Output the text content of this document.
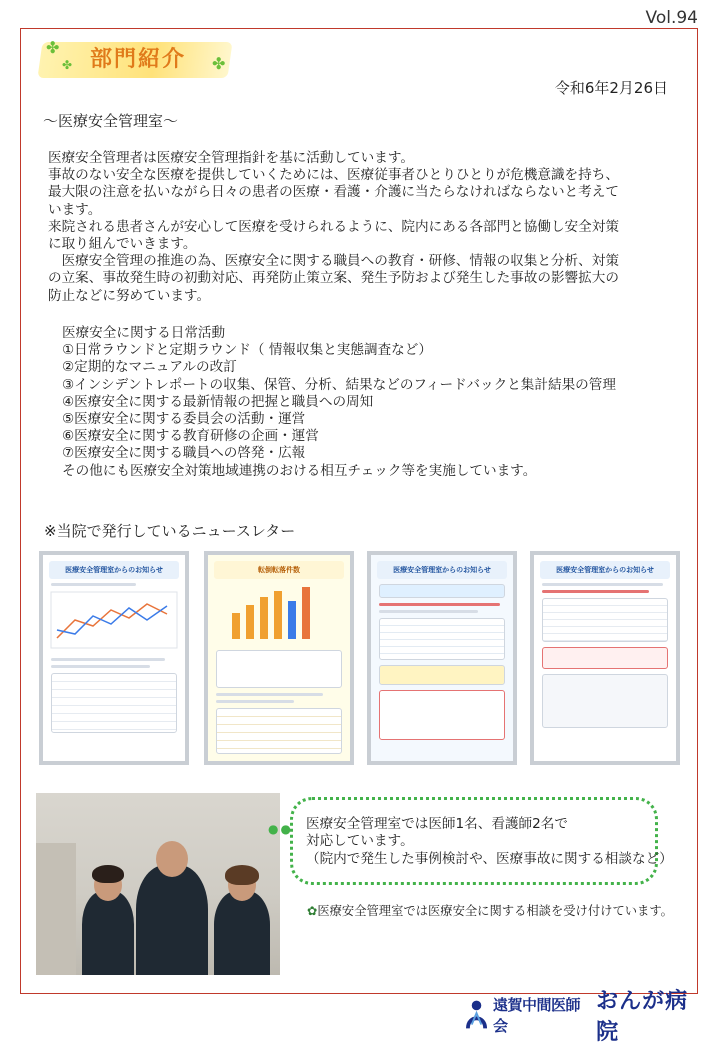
Vol.94
✤
✤	✤
部門紹介
令和6年2月26日
～医療安全管理室～

医療安全管理者は医療安全管理指針を基に活動しています。

事故のない安全な医療を提供していくためには、医療従事者ひとりひとりが危機意識を持ち、

最大限の注意を払いながら日々の患者の医療・看護・介護に当たらなければならないと考えて

います。

来院される患者さんが安心して医療を受けられるように、院内にある各部門と協働し安全対策

に取り組んでいきます。

医療安全管理の推進の為、医療安全に関する職員への教育・研修、情報の収集と分析、対策

の立案、事故発生時の初動対応、再発防止策立案、発生予防および発生した事故の影響拡大の

防止などに努めています。

医療安全に関する日常活動
①日常ラウンドと定期ラウンド（ 情報収集と実態調査など）
②定期的なマニュアルの改訂
③インシデントレポートの収集、保管、分析、結果などのフィードバックと集計結果の管理
④医療安全に関する最新情報の把握と職員への周知
⑤医療安全に関する委員会の活動・運営
⑥医療安全に関する教育研修の企画・運営
⑦医療安全に関する職員への啓発・広報
その他にも医療安全対策地域連携のおける相互チェック等を実施しています。
※当院で発行しているニュースレター
医療安全管理室からのお知らせ	転倒転落件数	医療安全管理室からのお知らせ	医療安全管理室からのお知らせ
●● 医療安全管理室では医師1名、看護師2名で
対応しています。
（院内で発生した事例検討や、医療事故に関する相談など）
✿医療安全管理室では医療安全に関する相談を受け付けています。
遠賀中間医師会
おんが病院
